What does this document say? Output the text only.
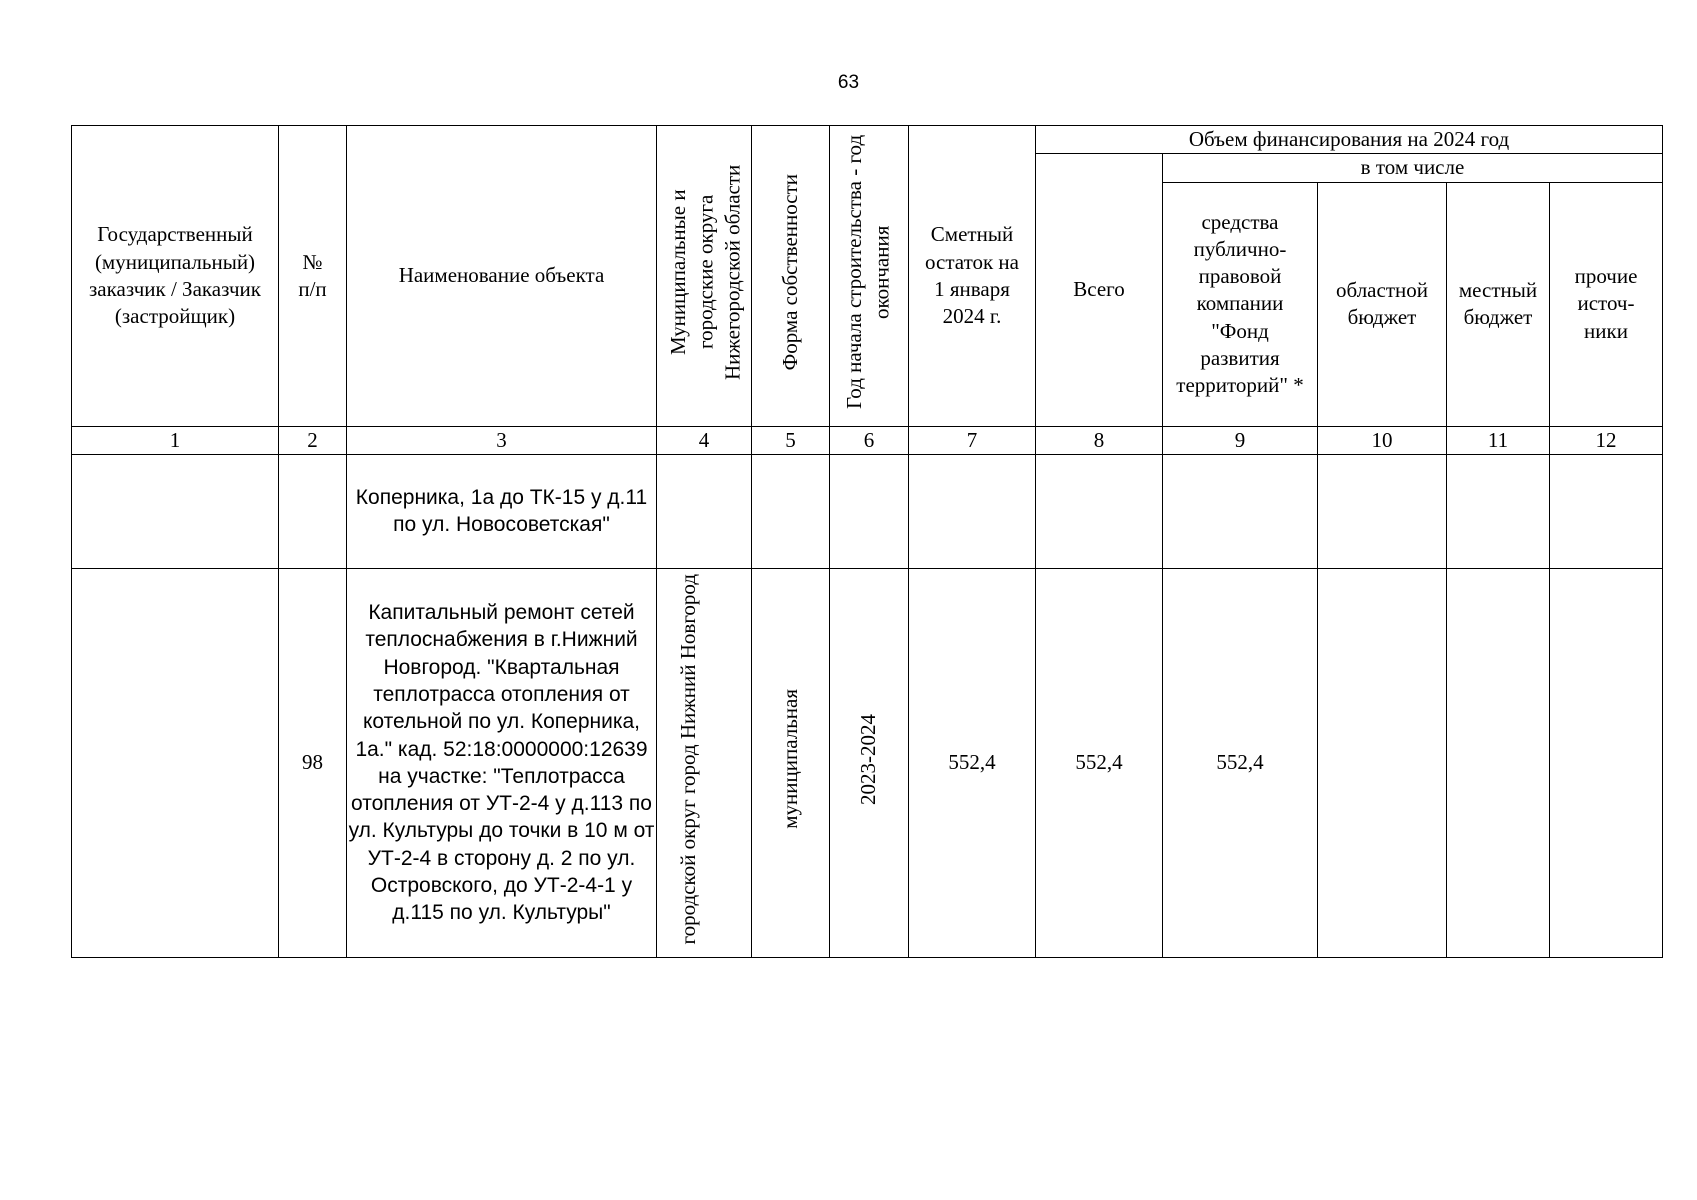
63
Государственный (муниципальный) заказчик / Заказчик (застройщик)	№ п/п	Наименование объекта	Муниципальные и городские округа Нижегородской области	Форма собственности	Год начала строительства - год окончания	Сметный остаток на 1 января 2024 г.	Объем финансирования на 2024 год				
							Всего	в том числе			
								средства публично-правовой компании "Фонд развития территорий" *	областной бюджет	местный бюджет	прочие источ-ники
1	2	3	4	5	6	7	8	9	10	11	12
		Коперника, 1а до ТК-15 у д.11 по ул. Новосоветская"									
	98	Капитальный ремонт сетей теплоснабжения в г.Нижний Новгород. "Квартальная теплотрасса отопления от котельной по ул. Коперника, 1а." кад. 52:18:0000000:12639 на участке: "Теплотрасса отопления от УТ-2-4 у д.113 по ул. Культуры до точки в 10 м от УТ-2-4 в сторону д. 2 по ул. Островского, до УТ-2-4-1 у д.115 по ул. Культуры"	городской округ город Нижний Новгород	муниципальная	2023-2024	552,4	552,4	552,4			
